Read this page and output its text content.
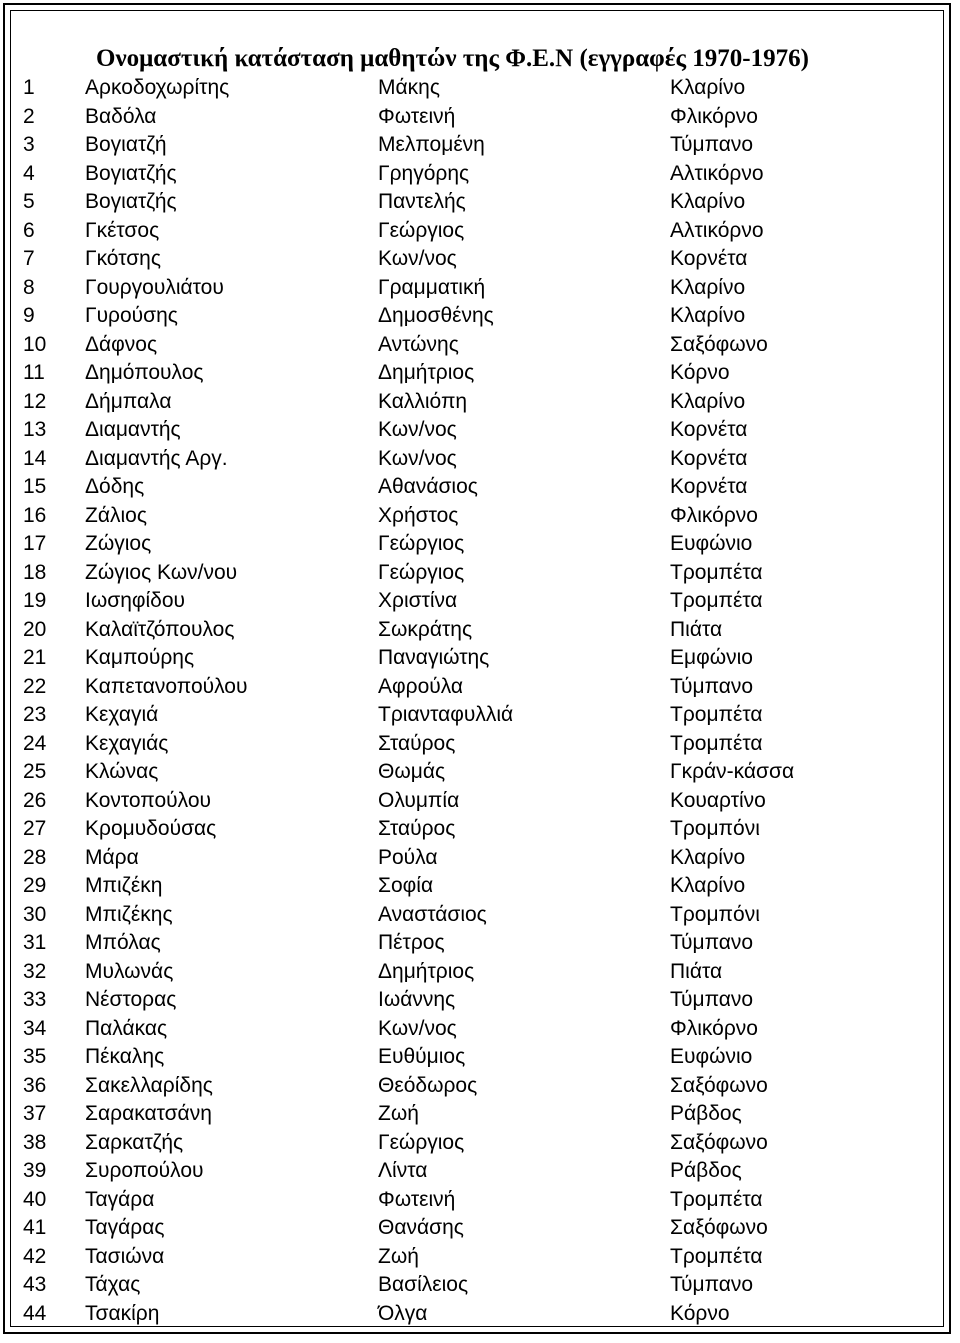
Ονομαστική κατάσταση μαθητών της Φ.Ε.Ν (εγγραφές 1970-1976)
1 Αρκοδοχωρίτης	Μάκης	Κλαρίνο
2 Βαδόλα	Φωτεινή	Φλικόρνο
3 Βογιατζή	Μελπομένη	Τύμπανο
4 Βογιατζής	Γρηγόρης	Αλτικόρνο
5 Βογιατζής	Παντελής	Κλαρίνο
6 Γκέτσος	Γεώργιος	Αλτικόρνο
7 Γκότσης	Κων/νος	Κορνέτα
8 Γουργουλιάτου	Γραμματική	Κλαρίνο
9 Γυρούσης	Δημοσθένης	Κλαρίνο
10 Δάφνος	Αντώνης	Σαξόφωνο
11 Δημόπουλος	Δημήτριος	Κόρνο
12 Δήμπαλα	Καλλιόπη	Κλαρίνο
13 Διαμαντής	Κων/νος	Κορνέτα
14 Διαμαντής Αργ.	Κων/νος	Κορνέτα
15 Δόδης	Αθανάσιος	Κορνέτα
16 Ζάλιος	Χρήστος	Φλικόρνο
17 Ζώγιος	Γεώργιος	Ευφώνιο
18 Ζώγιος Κων/νου	Γεώργιος	Τρομπέτα
19 Ιωσηφίδου	Χριστίνα	Τρομπέτα
20 Καλαϊτζόπουλος	Σωκράτης	Πιάτα
21 Καμπούρης	Παναγιώτης	Εμφώνιο
22 Καπετανοπούλου	Αφρούλα	Τύμπανο
23 Κεχαγιά	Τριανταφυλλιά	Τρομπέτα
24 Κεχαγιάς	Σταύρος	Τρομπέτα
25 Κλώνας	Θωμάς	Γκράν-κάσσα
26 Κοντοπούλου	Ολυμπία	Κουαρτίνο
27 Κρομυδούσας	Σταύρος	Τρομπόνι
28 Μάρα	Ρούλα	Κλαρίνο
29 Μπιζέκη	Σοφία	Κλαρίνο
30 Μπιζέκης	Αναστάσιος	Τρομπόνι
31 Μπόλας	Πέτρος	Τύμπανο
32 Μυλωνάς	Δημήτριος	Πιάτα
33 Νέστορας	Ιωάννης	Τύμπανο
34 Παλάκας	Κων/νος	Φλικόρνο
35 Πέκαλης	Ευθύμιος	Ευφώνιο
36 Σακελλαρίδης	Θεόδωρος	Σαξόφωνο
37 Σαρακατσάνη	Ζωή	Ράβδος
38 Σαρκατζής	Γεώργιος	Σαξόφωνο
39 Συροπούλου	Λίντα	Ράβδος
40 Ταγάρα	Φωτεινή	Τρομπέτα
41 Ταγάρας	Θανάσης	Σαξόφωνο
42 Τασιώνα	Ζωή	Τρομπέτα
43 Τάχας	Βασίλειος	Τύμπανο
44 Τσακίρη	Όλγα	Κόρνο
